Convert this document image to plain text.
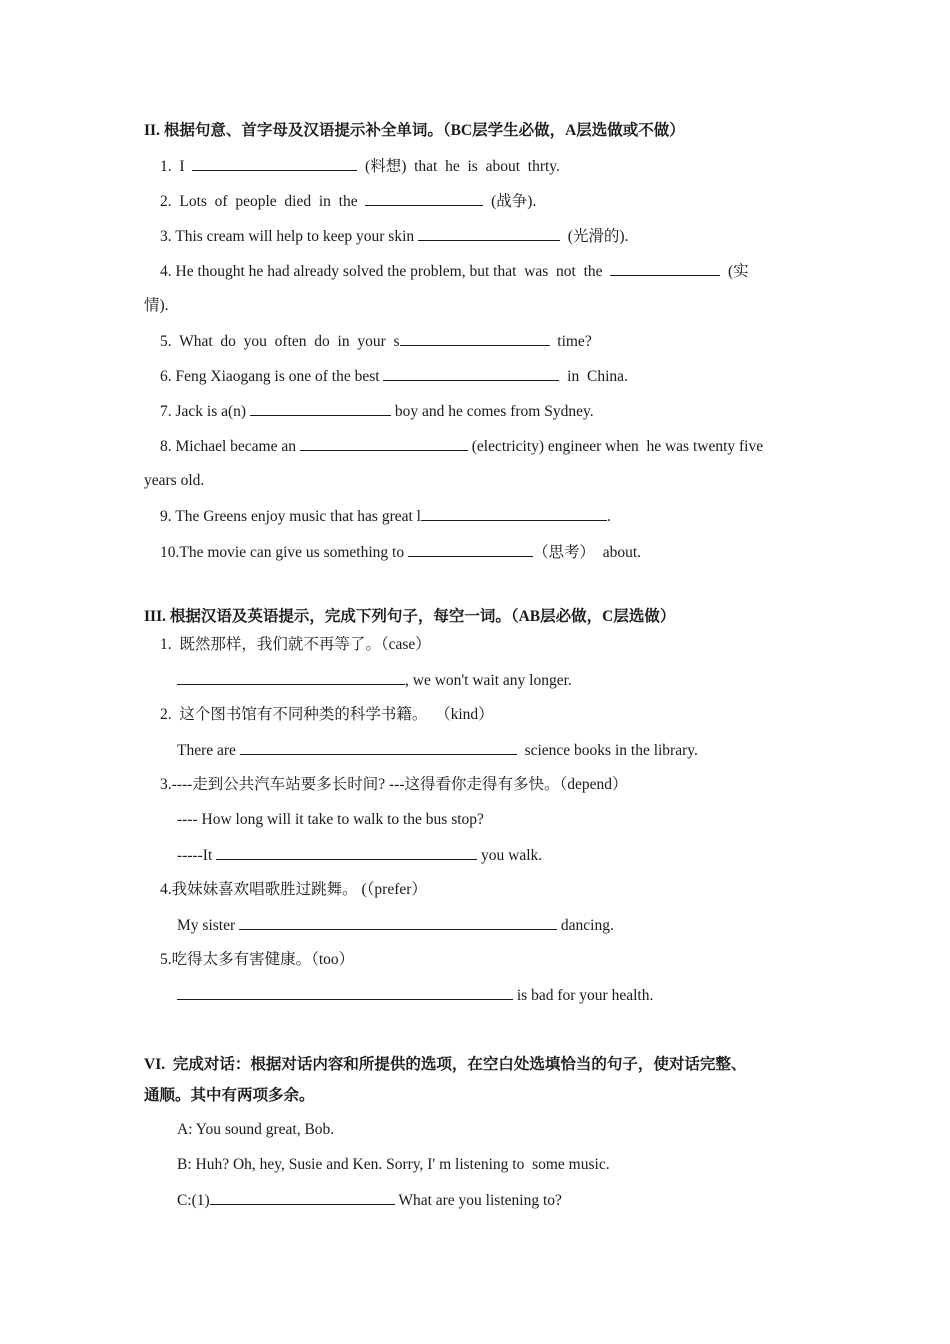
II. 根据句意、首字母及汉语提示补全单词。（BC层学生必做，A层选做或不做）
1.  I	(料想)  that  he  is  about  thrty.
2.  Lots  of  people  died  in  the	(战争).
3. This cream will help to keep your skin	(光滑的).
4. He thought he had already solved the problem, but that  was  not  the	(实
情).
5.  What  do  you  often  do  in  your  s	time?
6. Feng Xiaogang is one of the best	in  China.
7. Jack is a(n)	boy and he comes from Sydney.
8. Michael became an	(electricity) engineer when  he was twenty five
years old.
9. The Greens enjoy music that has great l	.
10.The movie can give us something to	（思考）  about.
III. 根据汉语及英语提示，完成下列句子，每空一词。（AB层必做，C层选做）
1.  既然那样，我们就不再等了。（case）
, we won't wait any longer.
2.  这个图书馆有不同种类的科学书籍。  （kind）
There are	science books in the library.
3.----走到公共汽车站要多长时间? ---这得看你走得有多快。（depend）
---- How long will it take to walk to the bus stop?
-----It	you walk.
4.我妹妹喜欢唱歌胜过跳舞。 (（prefer）
My sister	dancing.
5.吃得太多有害健康。（too）
is bad for your health.
VI.  完成对话：根据对话内容和所提供的选项，在空白处选填恰当的句子，使对话完整、
通顺。其中有两项多余。
A: You sound great, Bob.
B: Huh? Oh, hey, Susie and Ken. Sorry, I' m listening to  some music.
C:(1)	What are you listening to?
